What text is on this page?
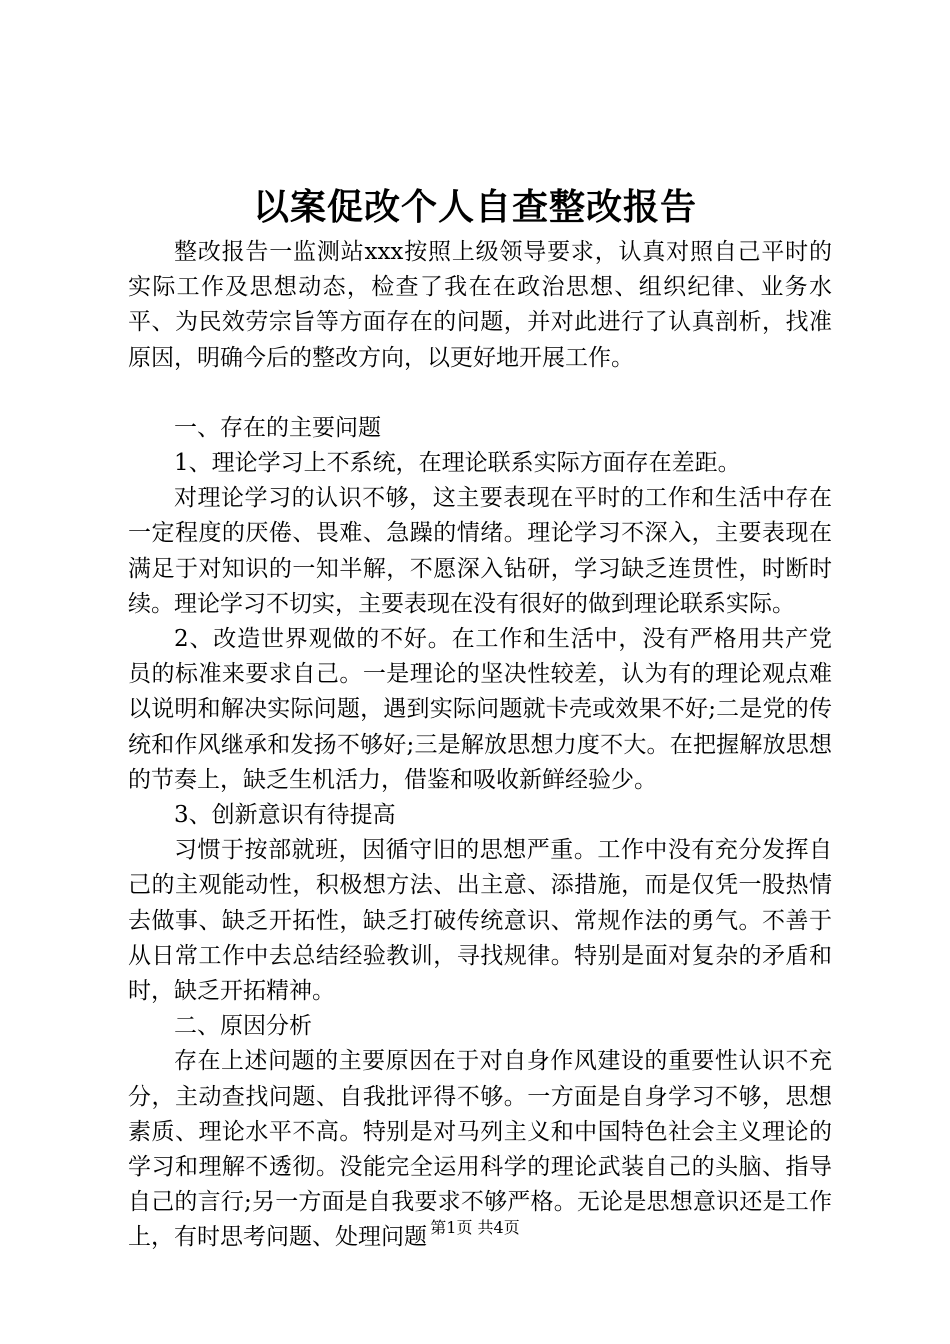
以案促改个人自查整改报告

整改报告一监测站xxx按照上级领导要求，认真对照自己平时的实际工作及思想动态，检查了我在在政治思想、组织纪律、业务水平、为民效劳宗旨等方面存在的问题，并对此进行了认真剖析，找准原因，明确今后的整改方向，以更好地开展工作。

一、存在的主要问题

1、理论学习上不系统，在理论联系实际方面存在差距。

对理论学习的认识不够，这主要表现在平时的工作和生活中存在一定程度的厌倦、畏难、急躁的情绪。理论学习不深入，主要表现在满足于对知识的一知半解，不愿深入钻研，学习缺乏连贯性，时断时续。理论学习不切实，主要表现在没有很好的做到理论联系实际。

2、改造世界观做的不好。在工作和生活中，没有严格用共产党员的标准来要求自己。一是理论的坚决性较差，认为有的理论观点难以说明和解决实际问题，遇到实际问题就卡壳或效果不好;二是党的传统和作风继承和发扬不够好;三是解放思想力度不大。在把握解放思想的节奏上，缺乏生机活力，借鉴和吸收新鲜经验少。

3、创新意识有待提高

习惯于按部就班，因循守旧的思想严重。工作中没有充分发挥自己的主观能动性，积极想方法、出主意、添措施，而是仅凭一股热情去做事、缺乏开拓性，缺乏打破传统意识、常规作法的勇气。不善于从日常工作中去总结经验教训，寻找规律。特别是面对复杂的矛盾和时，缺乏开拓精神。

二、原因分析

存在上述问题的主要原因在于对自身作风建设的重要性认识不充分，主动查找问题、自我批评得不够。一方面是自身学习不够，思想素质、理论水平不高。特别是对马列主义和中国特色社会主义理论的学习和理解不透彻。没能完全运用科学的理论武装自己的头脑、指导自己的言行;另一方面是自我要求不够严格。无论是思想意识还是工作上，有时思考问题、处理问题 第1页 共4页
